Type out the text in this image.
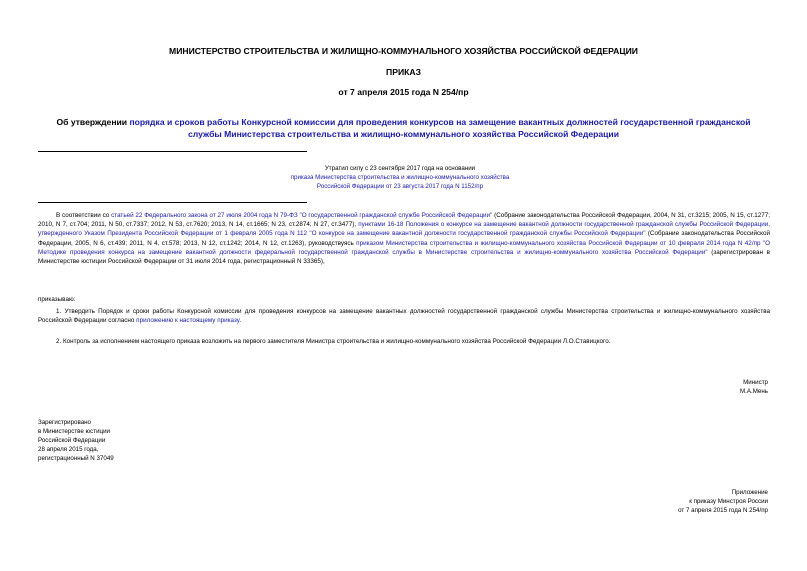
МИНИСТЕРСТВО СТРОИТЕЛЬСТВА И ЖИЛИЩНО-КОММУНАЛЬНОГО ХОЗЯЙСТВА РОССИЙСКОЙ ФЕДЕРАЦИИ
ПРИКАЗ
от 7 апреля 2015 года N 254/пр
Об утверждении порядка и сроков работы Конкурсной комиссии для проведения конкурсов на замещение вакантных должностей государственной гражданской службы Министерства строительства и жилищно-коммунального хозяйства Российской Федерации
Утратил силу с 23 сентября 2017 года на основании
приказа Министерства строительства и жилищно-коммунального хозяйства
Российской Федерации от 23 августа 2017 года N 1152/пр
В соответствии со статьей 22 Федерального закона от 27 июля 2004 года N 79-ФЗ "О государственной гражданской службе Российской Федерации" (Собрание законодательства Российской Федерации, 2004, N 31, ст.3215; 2005, N 15, ст.1277; 2010, N 7, ст.704; 2011, N 50, ст.7337; 2012, N 53, ст.7620; 2013, N 14, ст.1665; N 23, ст.2874; N 27, ст.3477), пунктами 16-18 Положения о конкурсе на замещение вакантной должности государственной гражданской службы Российской Федерации, утвержденного Указом Президента Российской Федерации от 1 февраля 2005 года N 112 "О конкурсе на замещение вакантной должности государственной гражданской службы Российской Федерации" (Собрание законодательства Российской Федерации, 2005, N 6, ст.439; 2011, N 4, ст.578; 2013, N 12, ст.1242; 2014, N 12, ст.1263), руководствуясь приказом Министерства строительства и жилищно-коммунального хозяйства Российской Федерации от 10 февраля 2014 года N 42/пр "О Методике проведения конкурса на замещение вакантной должности федеральной государственной гражданской службы в Министерстве строительства и жилищно-коммунального хозяйства Российской Федерации" (зарегистрирован в Министерстве юстиции Российской Федерации от 31 июля 2014 года, регистрационный N 33365),
приказываю:
1. Утвердить Порядок и сроки работы Конкурсной комиссии для проведения конкурсов на замещение вакантных должностей государственной гражданской службы Министерства строительства и жилищно-коммунального хозяйства Российской Федерации согласно приложению к настоящему приказу.
2. Контроль за исполнением настоящего приказа возложить на первого заместителя Министра строительства и жилищно-коммунального хозяйства Российской Федерации Л.О.Ставицкого.
Министр
М.А.Мень
Зарегистрировано
в Министерстве юстиции
Российской Федерации
28 апреля 2015 года,
регистрационный N 37049
Приложение
к приказу Минстроя России
от 7 апреля 2015 года N 254/пр
